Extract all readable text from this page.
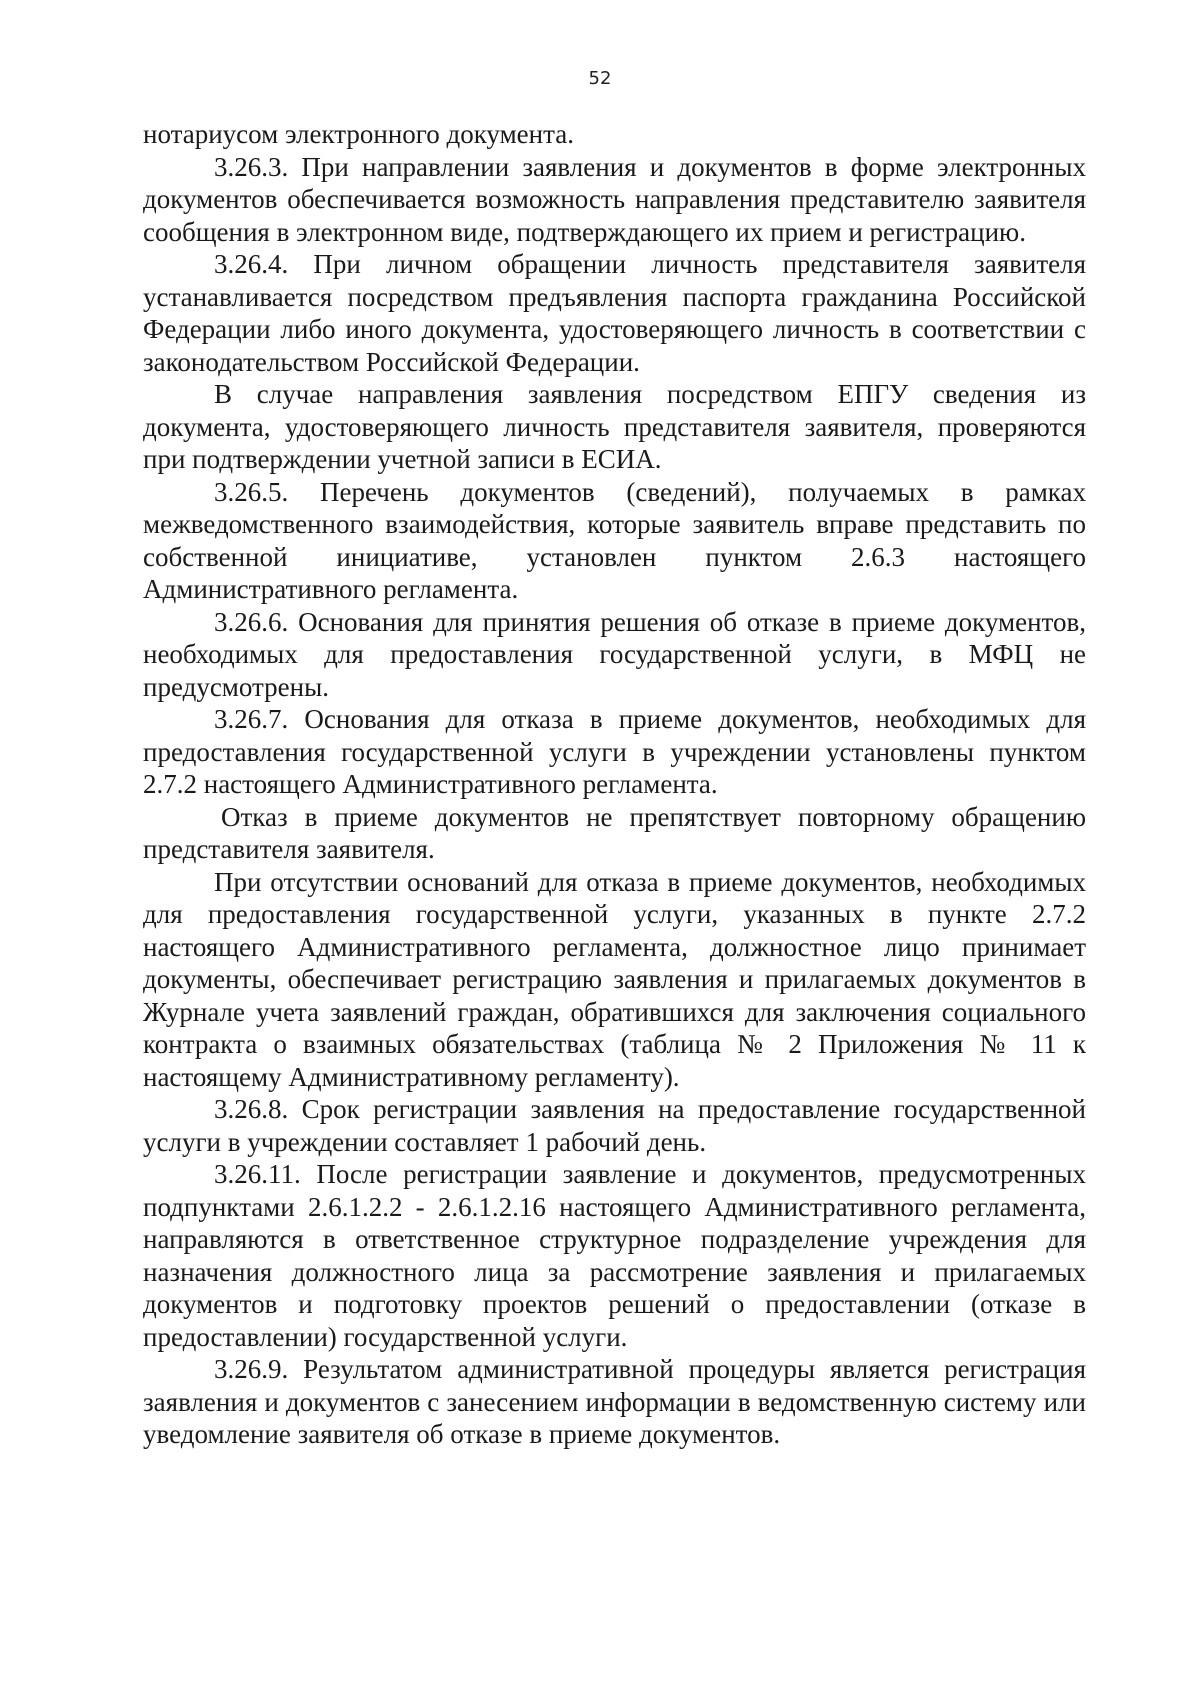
52

нотариусом электронного документа.

3.26.3. При направлении заявления и документов в форме электронных документов обеспечивается возможность направления представителю заявителя сообщения в электронном виде, подтверждающего их прием и регистрацию.

3.26.4. При личном обращении личность представителя заявителя устанавливается посредством предъявления паспорта гражданина Российской Федерации либо иного документа, удостоверяющего личность в соответствии с законодательством Российской Федерации.

В случае направления заявления посредством ЕПГУ сведения из документа, удостоверяющего личность представителя заявителя, проверяются при подтверждении учетной записи в ЕСИА.

3.26.5. Перечень документов (сведений), получаемых в рамках межведомственного взаимодействия, которые заявитель вправе представить по собственной инициативе, установлен пунктом 2.6.3 настоящего Административного регламента.

3.26.6. Основания для принятия решения об отказе в приеме документов, необходимых для предоставления государственной услуги, в МФЦ не предусмотрены.

3.26.7. Основания для отказа в приеме документов, необходимых для предоставления государственной услуги в учреждении установлены пунктом 2.7.2 настоящего Административного регламента.

Отказ в приеме документов не препятствует повторному обращению представителя заявителя.

При отсутствии оснований для отказа в приеме документов, необходимых для предоставления государственной услуги, указанных в пункте 2.7.2 настоящего Административного регламента, должностное лицо принимает документы, обеспечивает регистрацию заявления и прилагаемых документов в Журнале учета заявлений граждан, обратившихся для заключения социального контракта о взаимных обязательствах (таблица № 2 Приложения № 11 к настоящему Административному регламенту).

3.26.8. Срок регистрации заявления на предоставление государственной услуги в учреждении составляет 1 рабочий день.

3.26.11. После регистрации заявление и документов, предусмотренных подпунктами 2.6.1.2.2 - 2.6.1.2.16 настоящего Административного регламента, направляются в ответственное структурное подразделение учреждения для назначения должностного лица за рассмотрение заявления и прилагаемых документов и подготовку проектов решений о предоставлении (отказе в предоставлении) государственной услуги.

3.26.9. Результатом административной процедуры является регистрация заявления и документов с занесением информации в ведомственную систему или уведомление заявителя об отказе в приеме документов.
